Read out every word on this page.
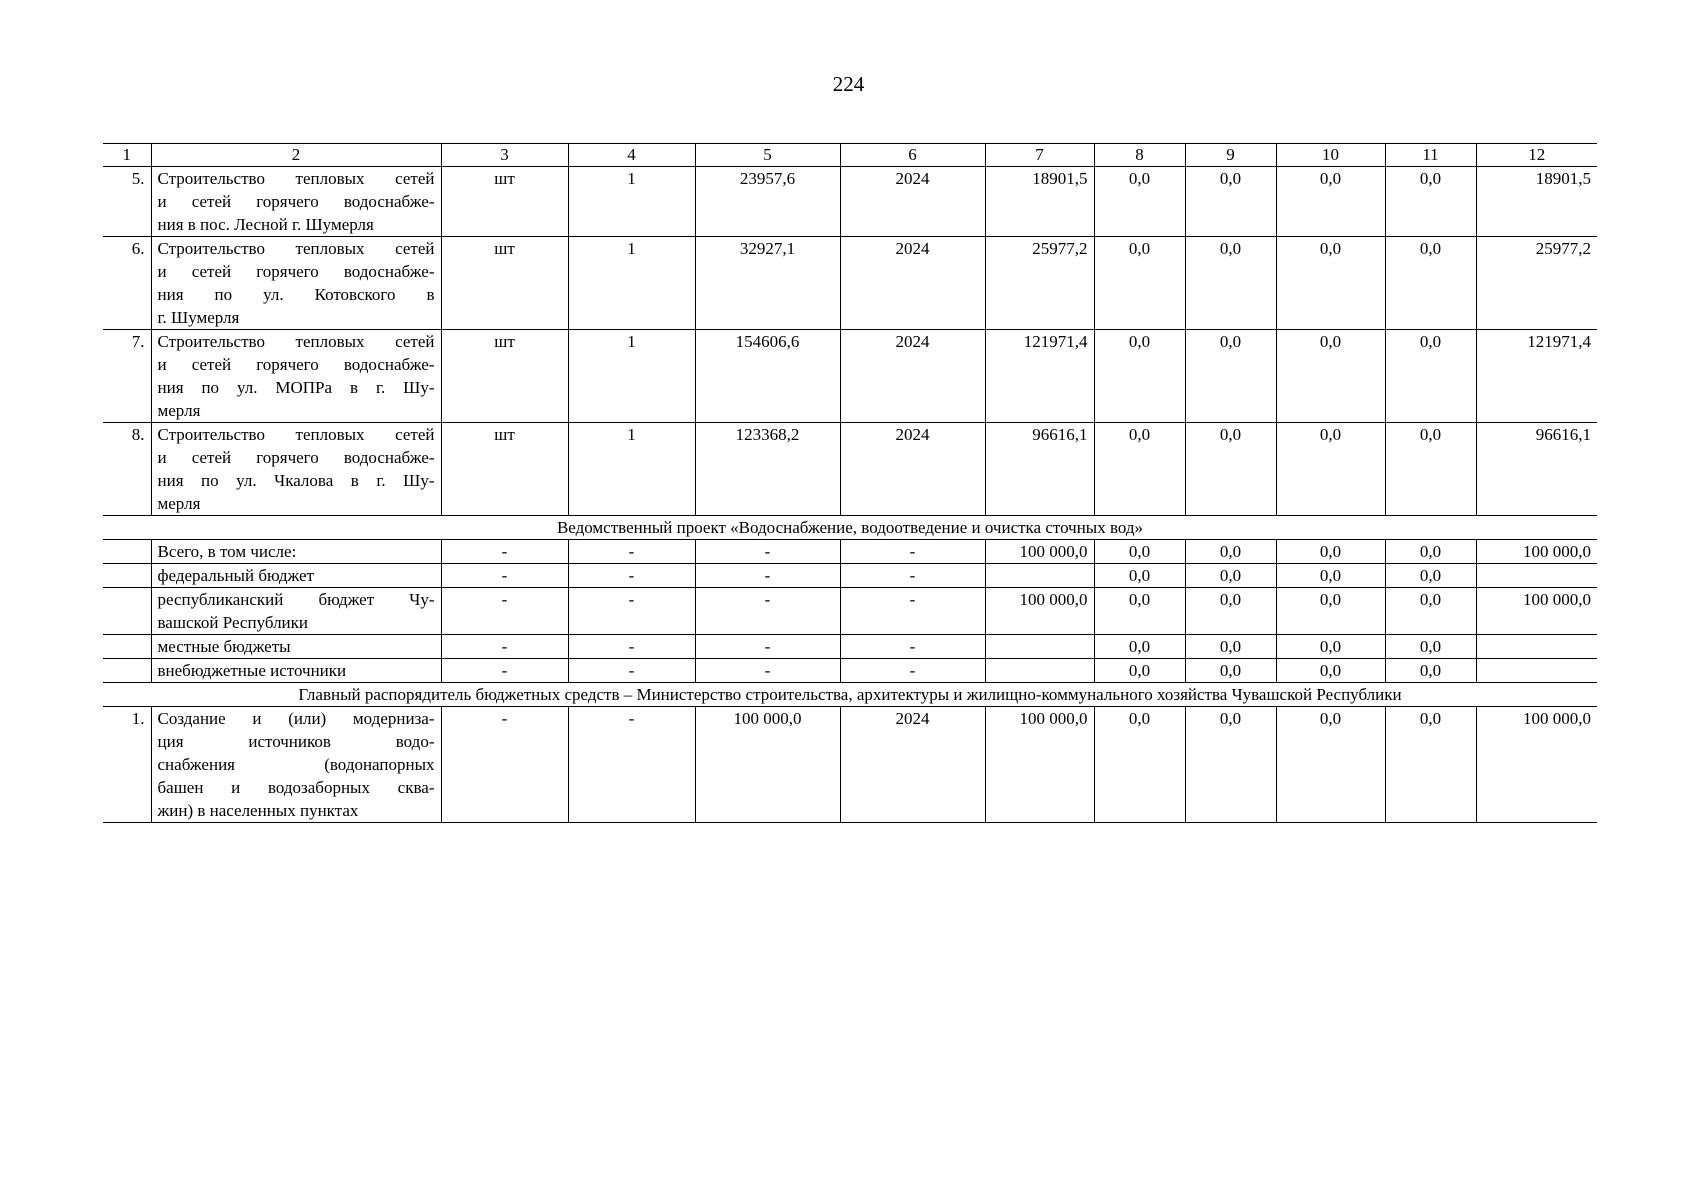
224
1	2	3	4	5	6	7	8	9	10	11	12
5.	Строительство тепловых сетей
и сетей горячего водоснабже-
ния в пос. Лесной г. Шумерля	шт	1	23957,6	2024	18901,5	0,0	0,0	0,0	0,0	18901,5
6.	Строительство тепловых сетей
и сетей горячего водоснабже-
ния по ул. Котовского в
г. Шумерля	шт	1	32927,1	2024	25977,2	0,0	0,0	0,0	0,0	25977,2
7.	Строительство тепловых сетей
и сетей горячего водоснабже-
ния по ул. МОПРа в г. Шу-
мерля	шт	1	154606,6	2024	121971,4	0,0	0,0	0,0	0,0	121971,4
8.	Строительство тепловых сетей
и сетей горячего водоснабже-
ния по ул. Чкалова в г. Шу-
мерля	шт	1	123368,2	2024	96616,1	0,0	0,0	0,0	0,0	96616,1
Ведомственный проект «Водоснабжение, водоотведение и очистка сточных вод»											

	Всего, в том числе:	-	-	-	-	100 000,0	0,0	0,0	0,0	0,0	100 000,0

	федеральный бюджет	-	-	-	-		0,0	0,0	0,0	0,0	

	республиканский бюджет Чу-
вашской Республики	-	-	-	-	100 000,0	0,0	0,0	0,0	0,0	100 000,0

	местные бюджеты	-	-	-	-		0,0	0,0	0,0	0,0	

	внебюджетные источники	-	-	-	-		0,0	0,0	0,0	0,0	
Главный распорядитель бюджетных средств – Министерство строительства, архитектуры и жилищно-коммунального хозяйства Чувашской Республики											
1.	Создание и (или) модерниза-
ция источников водо-
снабжения (водонапорных
башен и водозаборных сква-
жин) в населенных пунктах	-	-	100 000,0	2024	100 000,0	0,0	0,0	0,0	0,0	100 000,0
